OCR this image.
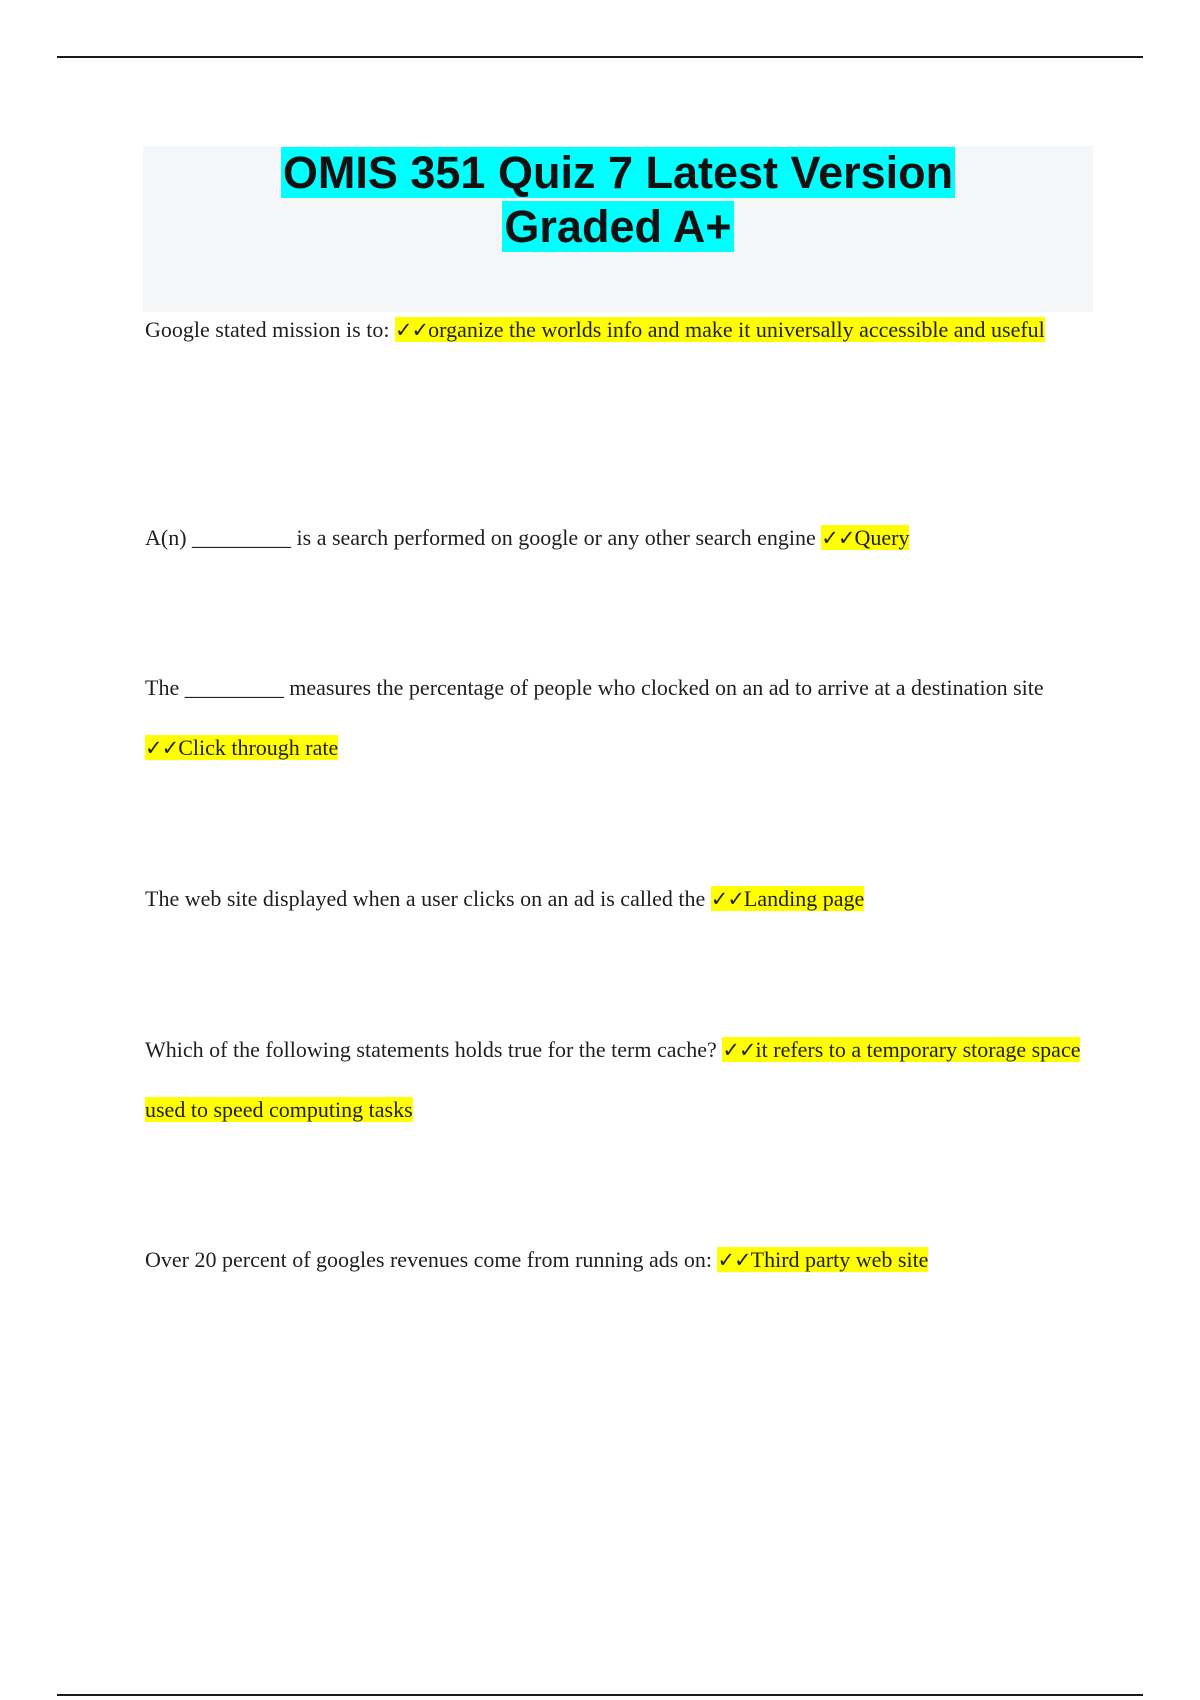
OMIS 351 Quiz 7 Latest Version
Graded A+

Google stated mission is to: ✓✓organize the worlds info and make it universally accessible and useful

A(n) _________ is a search performed on google or any other search engine ✓✓Query

The _________ measures the percentage of people who clocked on an ad to arrive at a destination site ✓✓Click through rate

The web site displayed when a user clicks on an ad is called the ✓✓Landing page

Which of the following statements holds true for the term cache? ✓✓it refers to a temporary storage space used to speed computing tasks

Over 20 percent of googles revenues come from running ads on: ✓✓Third party web site
